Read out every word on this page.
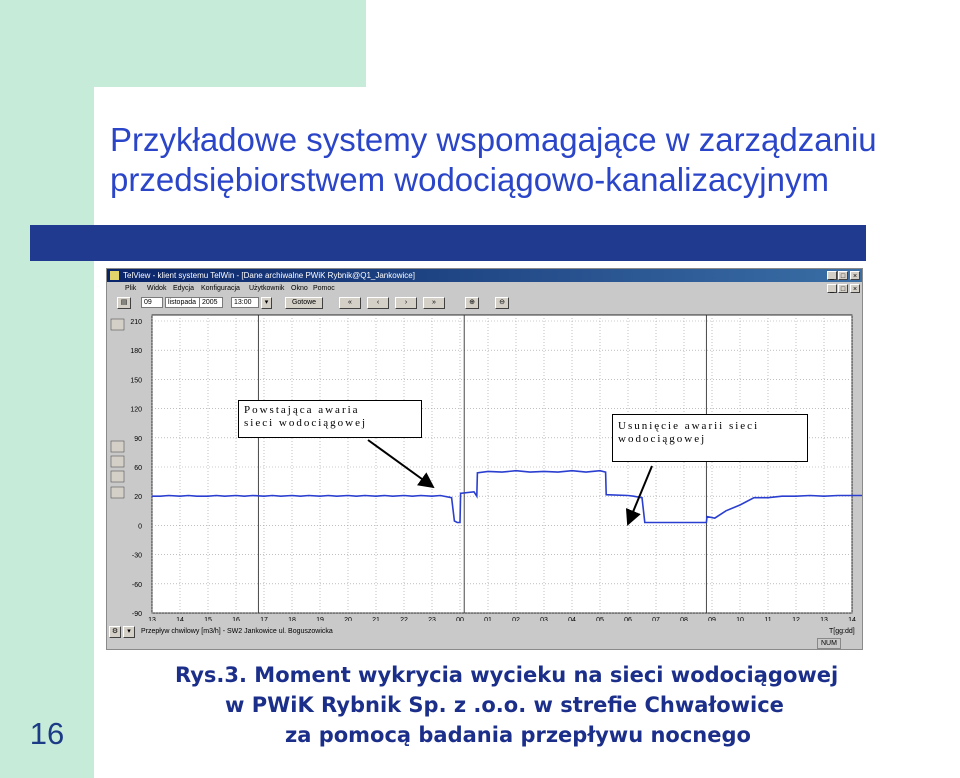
Przykładowe systemy wspomagające w zarządzaniu
przedsiębiorstwem wodociągowo-kanalizacyjnym
TelView - klient systemu TelWin - [Dane archiwalne PWiK Rybnik@Q1_Jankowice]	_ □	×
Plik Widok Edycja Konfiguracja Użytkownik Okno Pomoc	_ □	×
▤	09	listopada 2005	13:00	▾	Gotowe	«	‹	›	»	⊕	⊖
210
180
150
120
90
60
20
0
-30
-60
-90
13	14	15	16	17	18	19	20	21	22	23	00	01	02	03	04	05	06	07	08	09	10	11	12	13	14
⚙	▾	Przepływ chwilowy [m3/h] - SW2 Jankowice ul. Boguszowicka	T[gg:dd]
NUM
Powstająca awaria
sieci wodociągowej	Usunięcie awarii sieci
wodociągowej
16
Rys.3. Moment wykrycia wycieku na sieci wodociągowej
w PWiK Rybnik Sp. z .o.o. w strefie Chwałowice
za pomocą badania przepływu nocnego
